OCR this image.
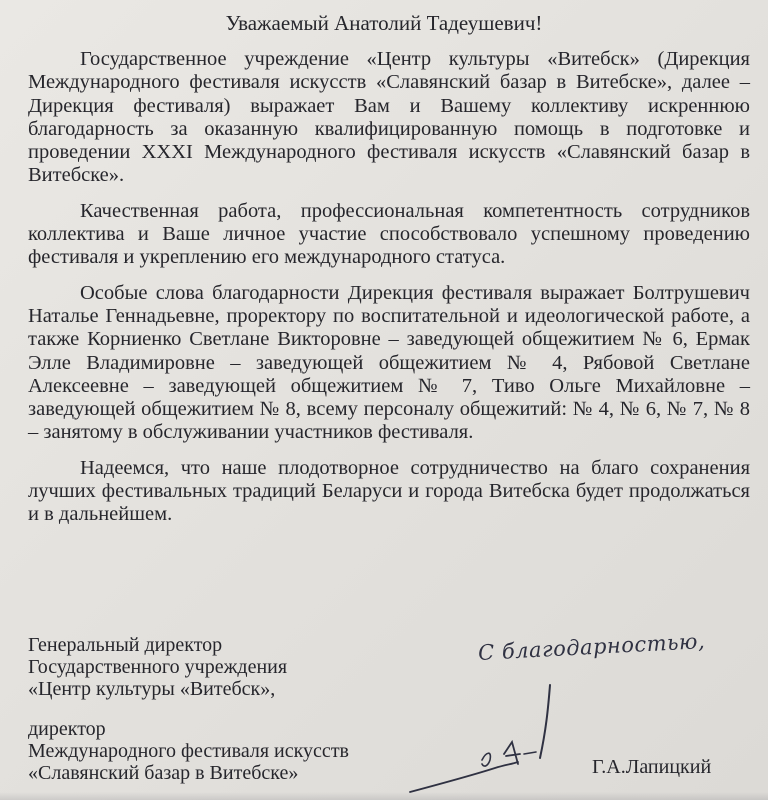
Уважаемый Анатолий Тадеушевич!

Государственное учреждение «Центр культуры «Витебск» (Дирекция Международного фестиваля искусств «Славянский базар в Витебске», далее – Дирекция фестиваля) выражает Вам и Вашему коллективу искреннюю благодарность за оказанную квалифицированную помощь в подготовке и проведении XXXI Международного фестиваля искусств «Славянский базар в Витебске».

Качественная работа, профессиональная компетентность сотрудников коллектива и Ваше личное участие способствовало успешному проведению фестиваля и укреплению его международного статуса.

Особые слова благодарности Дирекция фестиваля выражает Болтрушевич Наталье Геннадьевне, проректору по воспитательной и идеологической работе, а также Корниенко Светлане Викторовне – заведующей общежитием № 6, Ермак Элле Владимировне – заведующей общежитием № 4, Рябовой Светлане Алексеевне – заведующей общежитием № 7, Тиво Ольге Михайловне – заведующей общежитием № 8, всему персоналу общежитий: № 4, № 6, № 7, № 8 – занятому в обслуживании участников фестиваля.

Надеемся, что наше плодотворное сотрудничество на благо сохранения лучших фестивальных традиций Беларуси и города Витебска будет продолжаться и в дальнейшем.

Генеральный директор
Государственного учреждения
«Центр культуры «Витебск»,
директор
Международного фестиваля искусств
«Славянский базар в Витебске»
С благодарностью,
Г.А.Лапицкий
